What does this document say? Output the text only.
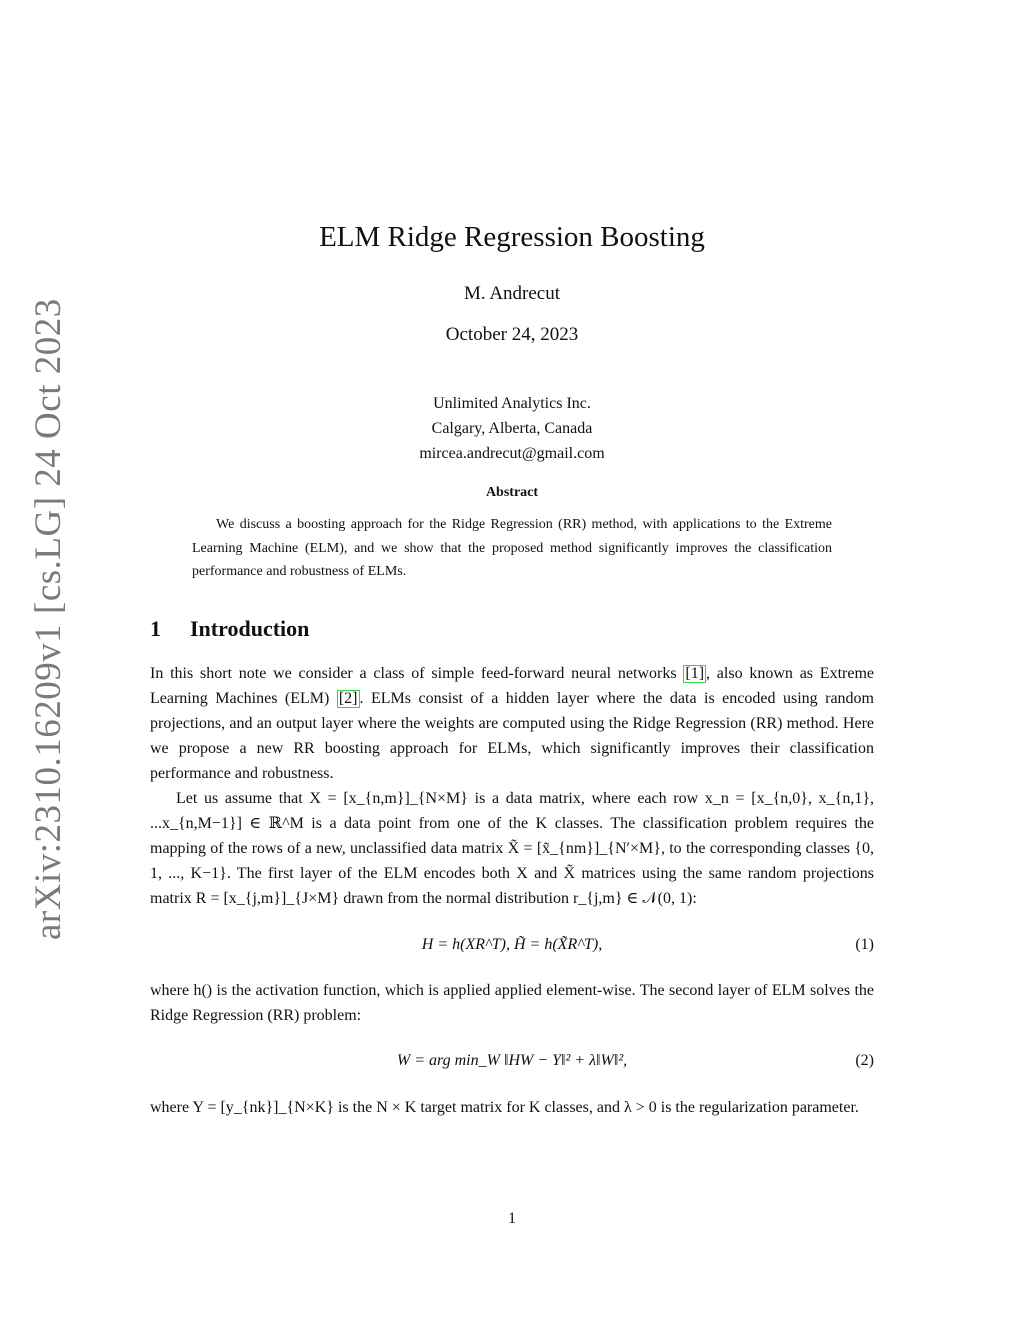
arXiv:2310.16209v1 [cs.LG] 24 Oct 2023
ELM Ridge Regression Boosting
M. Andrecut
October 24, 2023
Unlimited Analytics Inc.
Calgary, Alberta, Canada
mircea.andrecut@gmail.com
Abstract
We discuss a boosting approach for the Ridge Regression (RR) method, with applications to the Extreme Learning Machine (ELM), and we show that the proposed method significantly improves the classification performance and robustness of ELMs.
1 Introduction
In this short note we consider a class of simple feed-forward neural networks [1] , also known as Extreme Learning Machines (ELM) [2] . ELMs consist of a hidden layer where the data is encoded using random projections, and an output layer where the weights are computed using the Ridge Regression (RR) method. Here we propose a new RR boosting approach for ELMs, which significantly improves their classification performance and robustness.
Let us assume that X = [x_{n,m}]_{N×M} is a data matrix, where each row x_n = [x_{n,0}, x_{n,1}, ...x_{n,M−1}] ∈ ℝ^M is a data point from one of the K classes. The classification problem requires the mapping of the rows of a new, unclassified data matrix X̃ = [x̃_{nm}]_{N′×M}, to the corresponding classes {0, 1, ..., K−1}. The first layer of the ELM encodes both X and X̃ matrices using the same random projections matrix R = [x_{j,m}]_{J×M} drawn from the normal distribution r_{j,m} ∈ 𝒩(0, 1):
H = h(XR^T), H̃ = h(X̃R^T),	(1)
where h() is the activation function, which is applied applied element-wise. The second layer of ELM solves the Ridge Regression (RR) problem:
W = arg min_W ‖HW − Y‖² + λ‖W‖²,	(2)
where Y = [y_{nk}]_{N×K} is the N × K target matrix for K classes, and λ > 0 is the regularization parameter.
1
